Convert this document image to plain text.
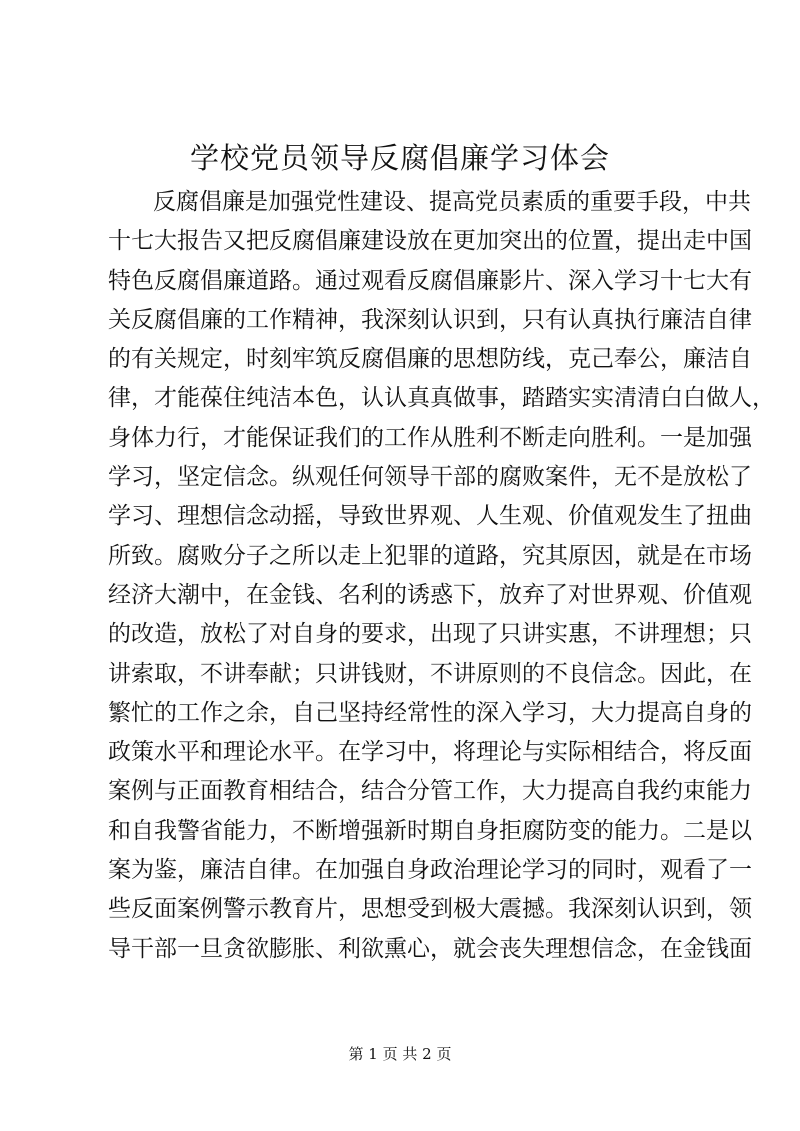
学校党员领导反腐倡廉学习体会
反腐倡廉是加强党性建设、提高党员素质的重要手段，中共
十七大报告又把反腐倡廉建设放在更加突出的位置，提出走中国
特色反腐倡廉道路。通过观看反腐倡廉影片、深入学习十七大有
关反腐倡廉的工作精神，我深刻认识到，只有认真执行廉洁自律
的有关规定，时刻牢筑反腐倡廉的思想防线，克己奉公，廉洁自
律，才能葆住纯洁本色，认认真真做事，踏踏实实清清白白做人，
身体力行，才能保证我们的工作从胜利不断走向胜利。一是加强
学习，坚定信念。纵观任何领导干部的腐败案件，无不是放松了
学习、理想信念动摇，导致世界观、人生观、价值观发生了扭曲
所致。腐败分子之所以走上犯罪的道路，究其原因，就是在市场
经济大潮中，在金钱、名利的诱惑下，放弃了对世界观、价值观
的改造，放松了对自身的要求，出现了只讲实惠，不讲理想；只
讲索取，不讲奉献；只讲钱财，不讲原则的不良信念。因此，在
繁忙的工作之余，自己坚持经常性的深入学习，大力提高自身的
政策水平和理论水平。在学习中，将理论与实际相结合，将反面
案例与正面教育相结合，结合分管工作，大力提高自我约束能力
和自我警省能力，不断增强新时期自身拒腐防变的能力。二是以
案为鉴，廉洁自律。在加强自身政治理论学习的同时，观看了一
些反面案例警示教育片，思想受到极大震撼。我深刻认识到，领
导干部一旦贪欲膨胀、利欲熏心，就会丧失理想信念，在金钱面
第 1 页 共 2 页
